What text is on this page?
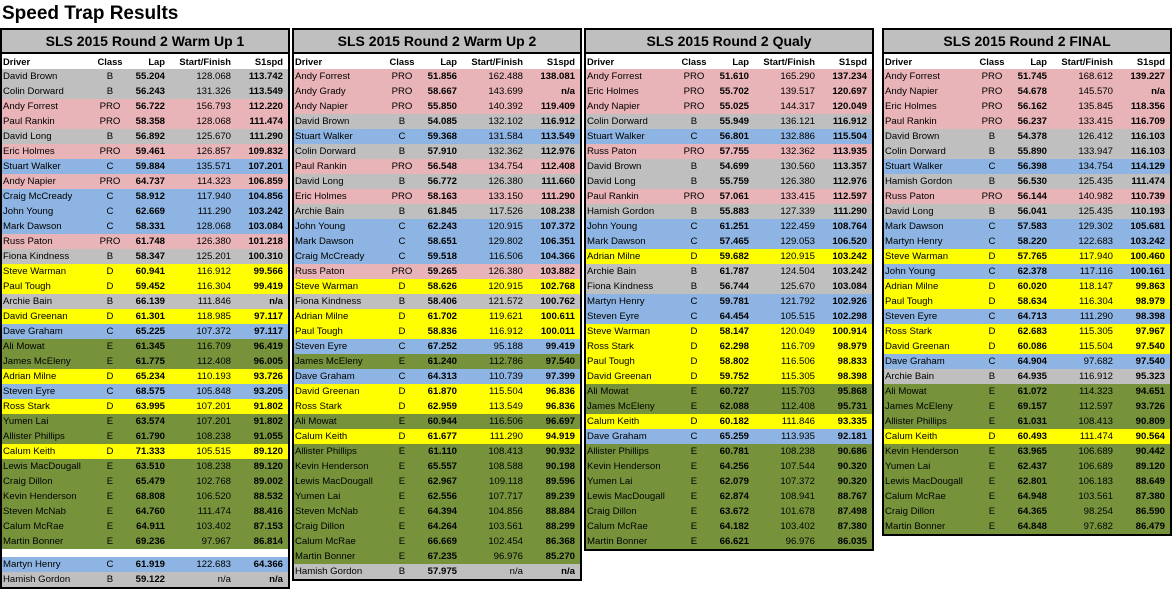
Speed Trap Results
SLS 2015 Round 2 Warm Up 1
Driver	Class	Lap	Start/Finish	S1spd
David Brown	B	55.204	128.068	113.742
Colin Dorward	B	56.243	131.326	113.549
Andy Forrest	PRO	56.722	156.793	112.220
Paul Rankin	PRO	58.358	128.068	111.474
David Long	B	56.892	125.670	111.290
Eric Holmes	PRO	59.461	126.857	109.832
Stuart Walker	C	59.884	135.571	107.201
Andy Napier	PRO	64.737	114.323	106.859
Craig McCready	C	58.912	117.940	104.856
John Young	C	62.669	111.290	103.242
Mark Dawson	C	58.331	128.068	103.084
Russ Paton	PRO	61.748	126.380	101.218
Fiona Kindness	B	58.347	125.201	100.310
Steve Warman	D	60.941	116.912	99.566
Paul Tough	D	59.452	116.304	99.419
Archie Bain	B	66.139	111.846	n/a
David Greenan	D	61.301	118.985	97.117
Dave Graham	C	65.225	107.372	97.117
Ali Mowat	E	61.345	116.709	96.419
James McEleny	E	61.775	112.408	96.005
Adrian Milne	D	65.234	110.193	93.726
Steven Eyre	C	68.575	105.848	93.205
Ross Stark	D	63.995	107.201	91.802
Yumen Lai	E	63.574	107.201	91.802
Allister Phillips	E	61.790	108.238	91.055
Calum Keith	D	71.333	105.515	89.120
Lewis MacDougall	E	63.510	108.238	89.120
Craig Dillon	E	65.479	102.768	89.002
Kevin Henderson	E	68.808	106.520	88.532
Steven McNab	E	64.760	111.474	88.416
Calum McRae	E	64.911	103.402	87.153
Martin Bonner	E	69.236	97.967	86.814
Martyn Henry	C	61.919	122.683	64.366
Hamish Gordon	B	59.122	n/a	n/a
SLS 2015 Round 2 Warm Up 2
Driver	Class	Lap	Start/Finish	S1spd
Andy Forrest	PRO	51.856	162.488	138.081
Andy Grady	PRO	58.667	143.699	n/a
Andy Napier	PRO	55.850	140.392	119.409
David Brown	B	54.085	132.102	116.912
Stuart Walker	C	59.368	131.584	113.549
Colin Dorward	B	57.910	132.362	112.976
Paul Rankin	PRO	56.548	134.754	112.408
David Long	B	56.772	126.380	111.660
Eric Holmes	PRO	58.163	133.150	111.290
Archie Bain	B	61.845	117.526	108.238
John Young	C	62.243	120.915	107.372
Mark Dawson	C	58.651	129.802	106.351
Craig McCready	C	59.518	116.506	104.366
Russ Paton	PRO	59.265	126.380	103.882
Steve Warman	D	58.626	120.915	102.768
Fiona Kindness	B	58.406	121.572	100.762
Adrian Milne	D	61.702	119.621	100.611
Paul Tough	D	58.836	116.912	100.011
Steven Eyre	C	67.252	95.188	99.419
James McEleny	E	61.240	112.786	97.540
Dave Graham	C	64.313	110.739	97.399
David Greenan	D	61.870	115.504	96.836
Ross Stark	D	62.959	113.549	96.836
Ali Mowat	E	60.944	116.506	96.697
Calum Keith	D	61.677	111.290	94.919
Allister Phillips	E	61.110	108.413	90.932
Kevin Henderson	E	65.557	108.588	90.198
Lewis MacDougall	E	62.967	109.118	89.596
Yumen Lai	E	62.556	107.717	89.239
Steven McNab	E	64.394	104.856	88.884
Craig Dillon	E	64.264	103.561	88.299
Calum McRae	E	66.669	102.454	86.368
Martin Bonner	E	67.235	96.976	85.270
Hamish Gordon	B	57.975	n/a	n/a
SLS 2015 Round 2 Qualy
Driver	Class	Lap	Start/Finish	S1spd
Andy Forrest	PRO	51.610	165.290	137.234
Eric Holmes	PRO	55.702	139.517	120.697
Andy Napier	PRO	55.025	144.317	120.049
Colin Dorward	B	55.949	136.121	116.912
Stuart Walker	C	56.801	132.886	115.504
Russ Paton	PRO	57.755	132.362	113.935
David Brown	B	54.699	130.560	113.357
David Long	B	55.759	126.380	112.976
Paul Rankin	PRO	57.061	133.415	112.597
Hamish Gordon	B	55.883	127.339	111.290
John Young	C	61.251	122.459	108.764
Mark Dawson	C	57.465	129.053	106.520
Adrian Milne	D	59.682	120.915	103.242
Archie Bain	B	61.787	124.504	103.242
Fiona Kindness	B	56.744	125.670	103.084
Martyn Henry	C	59.781	121.792	102.926
Steven Eyre	C	64.454	105.515	102.298
Steve Warman	D	58.147	120.049	100.914
Ross Stark	D	62.298	116.709	98.979
Paul Tough	D	58.802	116.506	98.833
David Greenan	D	59.752	115.305	98.398
Ali Mowat	E	60.727	115.703	95.868
James McEleny	E	62.088	112.408	95.731
Calum Keith	D	60.182	111.846	93.335
Dave Graham	C	65.259	113.935	92.181
Allister Phillips	E	60.781	108.238	90.686
Kevin Henderson	E	64.256	107.544	90.320
Yumen Lai	E	62.079	107.372	90.320
Lewis MacDougall	E	62.874	108.941	88.767
Craig Dillon	E	63.672	101.678	87.498
Calum McRae	E	64.182	103.402	87.380
Martin Bonner	E	66.621	96.976	86.035
SLS 2015 Round 2 FINAL
Driver	Class	Lap	Start/Finish	S1spd
Andy Forrest	PRO	51.745	168.612	139.227
Andy Napier	PRO	54.678	145.570	n/a
Eric Holmes	PRO	56.162	135.845	118.356
Paul Rankin	PRO	56.237	133.415	116.709
David Brown	B	54.378	126.412	116.103
Colin Dorward	B	55.890	133.947	116.103
Stuart Walker	C	56.398	134.754	114.129
Hamish Gordon	B	56.530	125.435	111.474
Russ Paton	PRO	56.144	140.982	110.739
David Long	B	56.041	125.435	110.193
Mark Dawson	C	57.583	129.302	105.681
Martyn Henry	C	58.220	122.683	103.242
Steve Warman	D	57.765	117.940	100.460
John Young	C	62.378	117.116	100.161
Adrian Milne	D	60.020	118.147	99.863
Paul Tough	D	58.634	116.304	98.979
Steven Eyre	C	64.713	111.290	98.398
Ross Stark	D	62.683	115.305	97.967
David Greenan	D	60.086	115.504	97.540
Dave Graham	C	64.904	97.682	97.540
Archie Bain	B	64.935	116.912	95.323
Ali Mowat	E	61.072	114.323	94.651
James McEleny	E	69.157	112.597	93.726
Allister Phillips	E	61.031	108.413	90.809
Calum Keith	D	60.493	111.474	90.564
Kevin Henderson	E	63.965	106.689	90.442
Yumen Lai	E	62.437	106.689	89.120
Lewis MacDougall	E	62.801	106.183	88.649
Calum McRae	E	64.948	103.561	87.380
Craig Dillon	E	64.365	98.254	86.590
Martin Bonner	E	64.848	97.682	86.479
